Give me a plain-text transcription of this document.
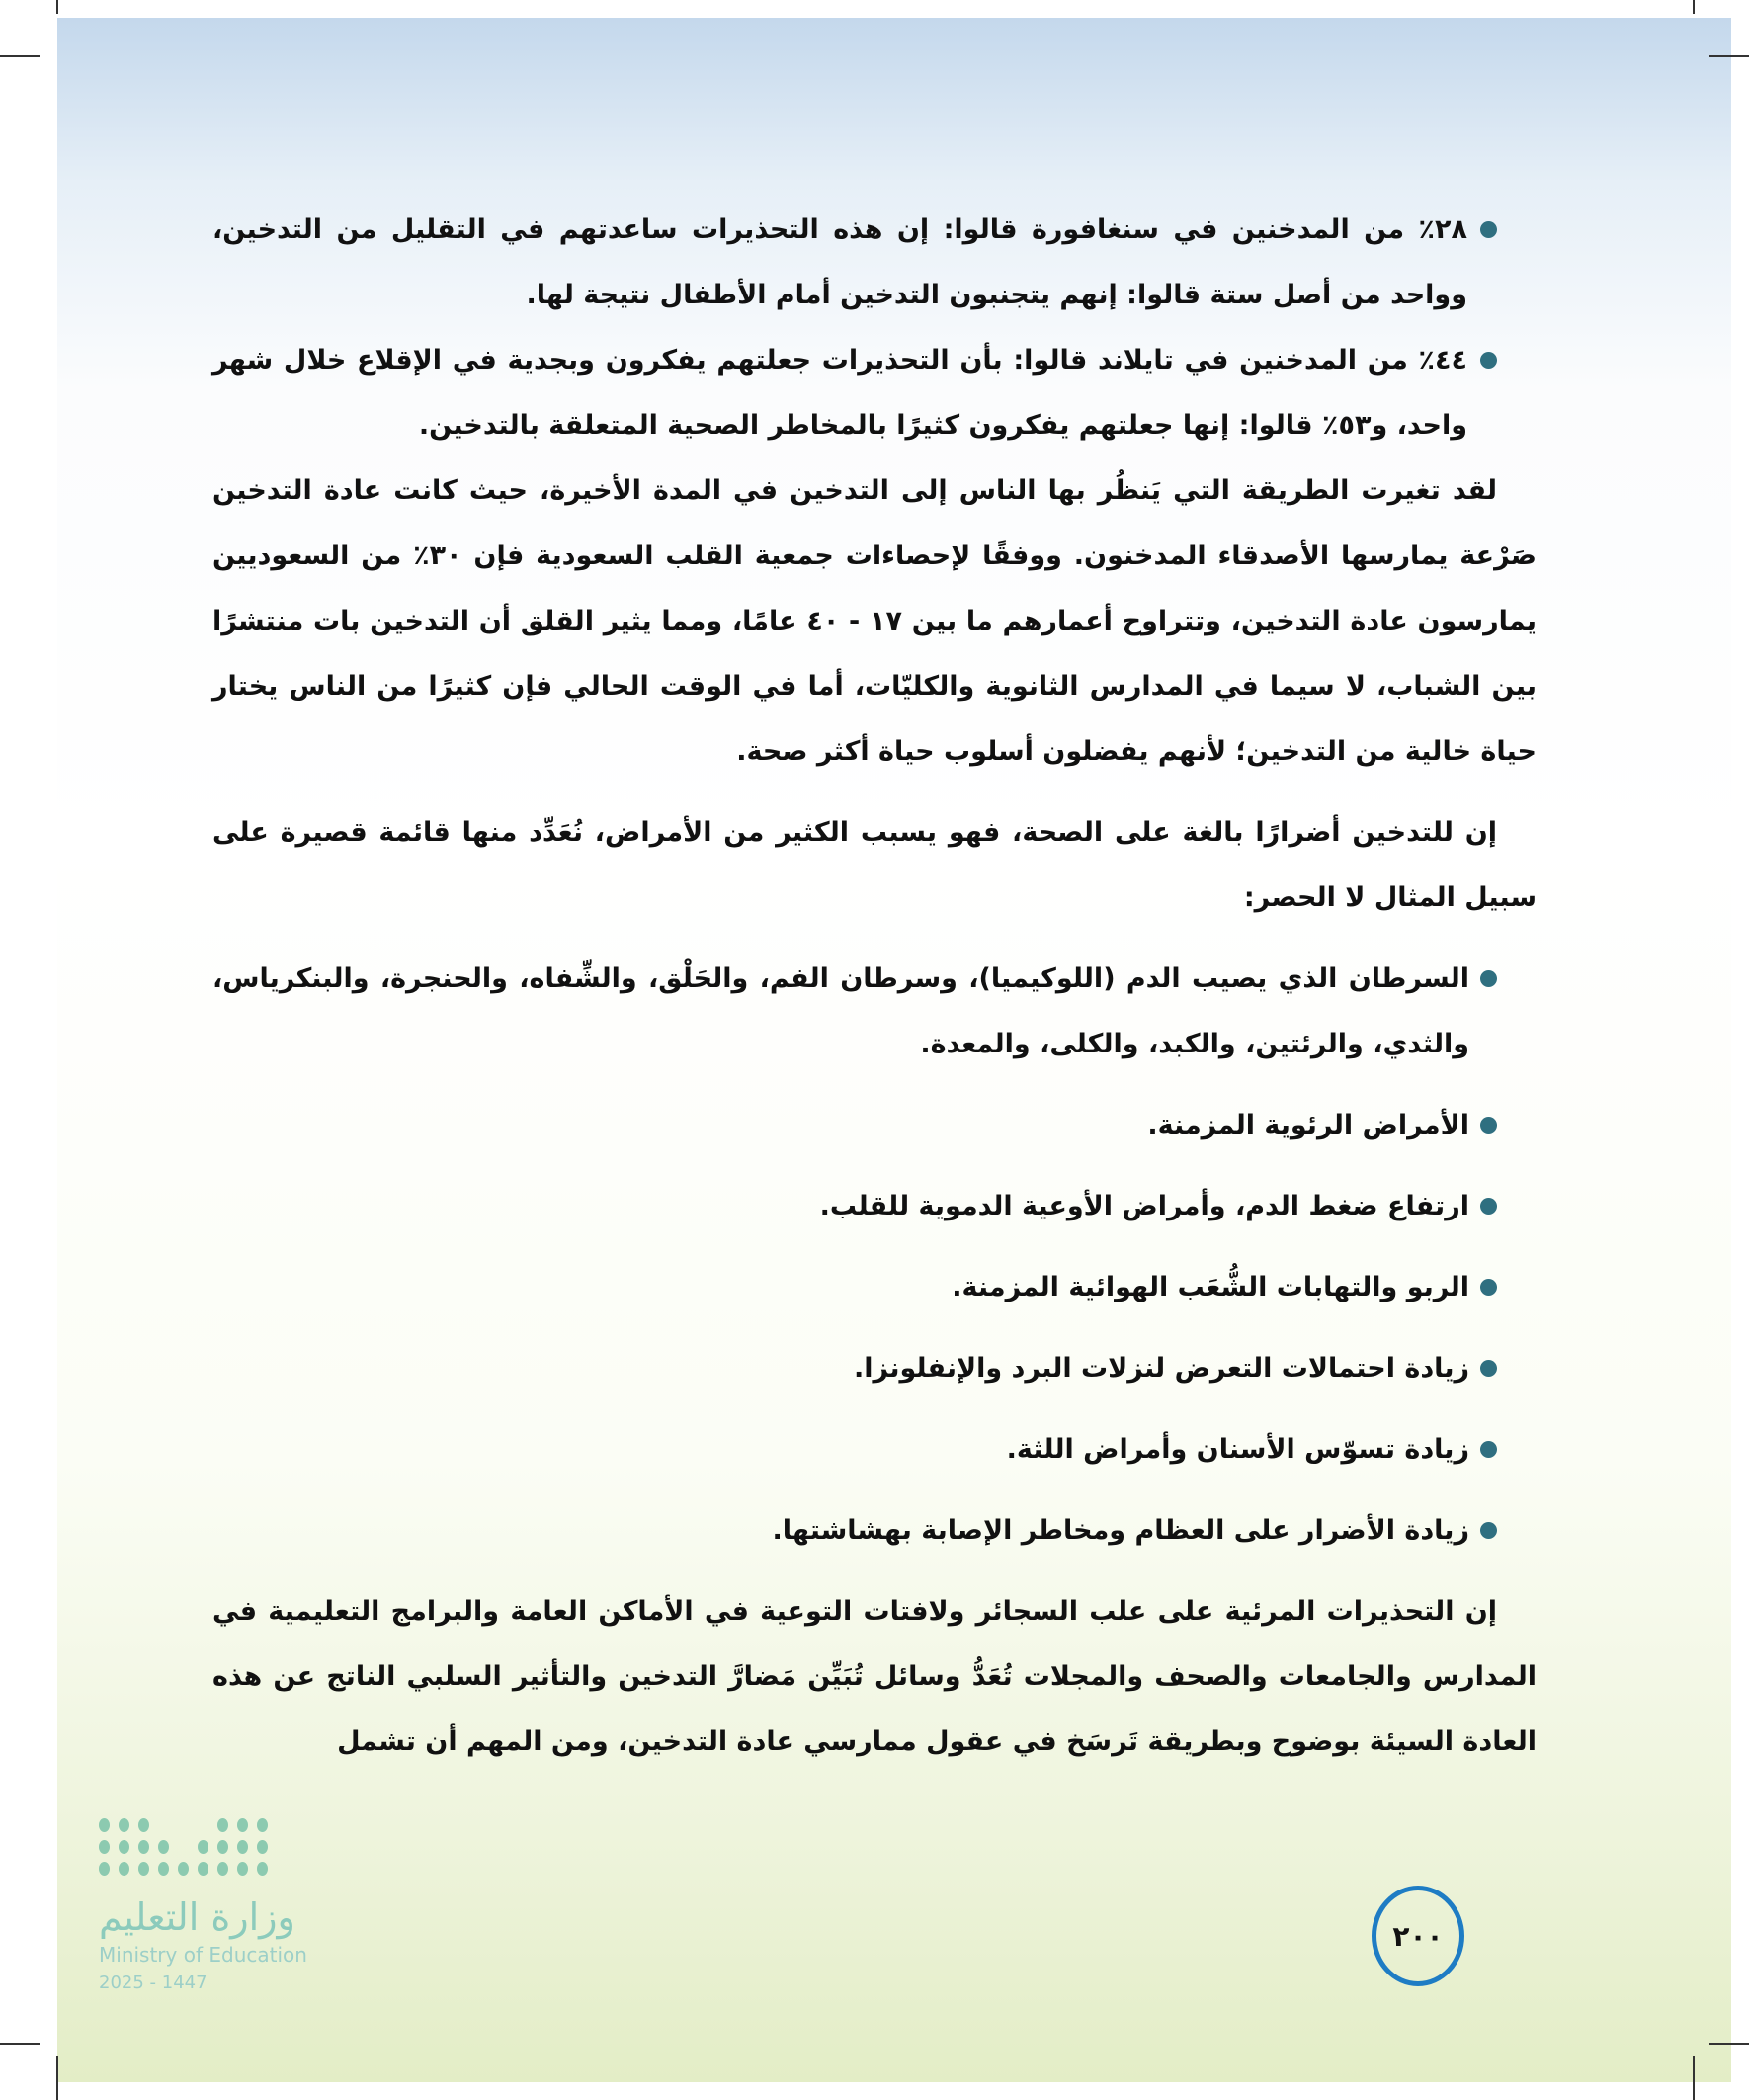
٢٨٪ من المدخنين في سنغافورة قالوا: إن هذه التحذيرات ساعدتهم في التقليل من التدخين، وواحد من أصل ستة قالوا: إنهم يتجنبون التدخين أمام الأطفال نتيجة لها.
٤٤٪ من المدخنين في تايلاند قالوا: بأن التحذيرات جعلتهم يفكرون وبجدية في الإقلاع خلال شهر واحد، و٥٣٪ قالوا: إنها جعلتهم يفكرون كثيرًا بالمخاطر الصحية المتعلقة بالتدخين.

لقد تغيرت الطريقة التي يَنظُر بها الناس إلى التدخين في المدة الأخيرة، حيث كانت عادة التدخين صَرْعة يمارسها الأصدقاء المدخنون. ووفقًا لإحصاءات جمعية القلب السعودية فإن ٣٠٪ من السعوديين يمارسون عادة التدخين، وتتراوح أعمارهم ما بين ١٧ - ٤٠ عامًا، ومما يثير القلق أن التدخين بات منتشرًا بين الشباب، لا سيما في المدارس الثانوية والكليّات، أما في الوقت الحالي فإن كثيرًا من الناس يختار حياة خالية من التدخين؛ لأنهم يفضلون أسلوب حياة أكثر صحة.

إن للتدخين أضرارًا بالغة على الصحة، فهو يسبب الكثير من الأمراض، نُعَدِّد منها قائمة قصيرة على سبيل المثال لا الحصر:

السرطان الذي يصيب الدم (اللوكيميا)، وسرطان الفم، والحَلْق، والشِّفاه، والحنجرة، والبنكرياس، والثدي، والرئتين، والكبد، والكلى، والمعدة.
الأمراض الرئوية المزمنة.
ارتفاع ضغط الدم، وأمراض الأوعية الدموية للقلب.
الربو والتهابات الشُّعَب الهوائية المزمنة.
زيادة احتمالات التعرض لنزلات البرد والإنفلونزا.
زيادة تسوّس الأسنان وأمراض اللثة.
زيادة الأضرار على العظام ومخاطر الإصابة بهشاشتها.

إن التحذيرات المرئية على علب السجائر ولافتات التوعية في الأماكن العامة والبرامج التعليمية في المدارس والجامعات والصحف والمجلات تُعَدُّ وسائل تُبَيِّن مَضارَّ التدخين والتأثير السلبي الناتج عن هذه العادة السيئة بوضوح وبطريقة تَرسَخ في عقول ممارسي عادة التدخين، ومن المهم أن تشمل

٢٠٠
وزارة التعليم
Ministry of Education
2025 - 1447
